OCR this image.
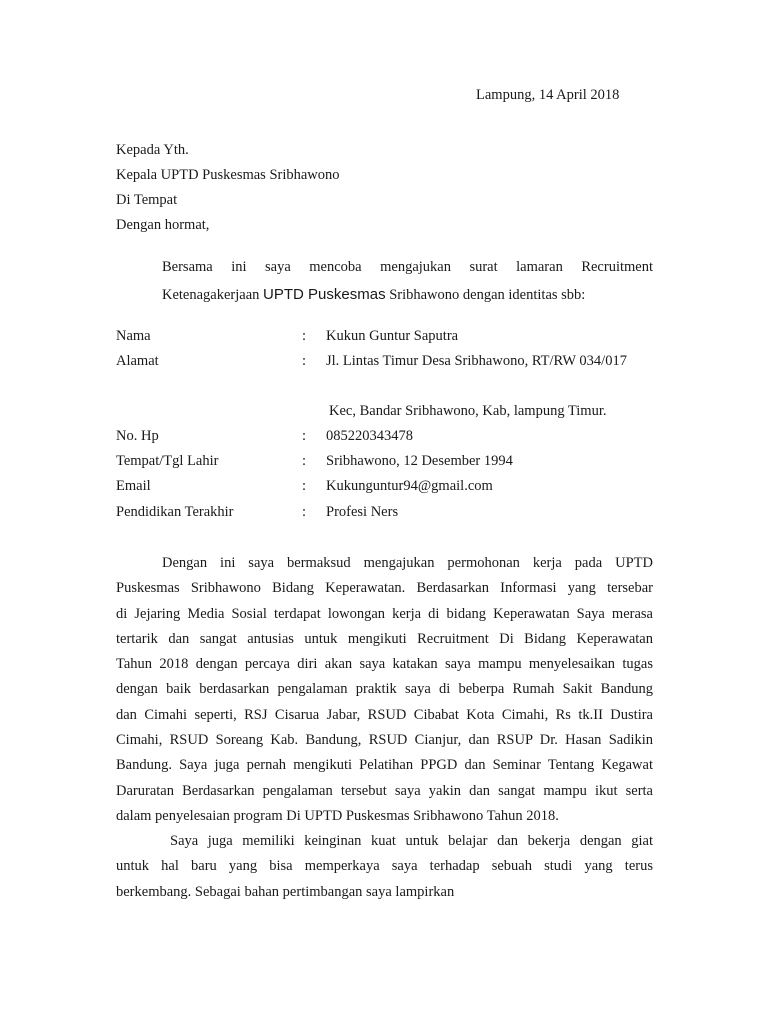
Lampung, 14 April 2018
Kepada Yth.
Kepala UPTD Puskesmas Sribhawono
Di Tempat
Dengan hormat,
Bersama ini saya mencoba mengajukan surat lamaran Recruitment
Ketenagakerjaan UPTD Puskesmas Sribhawono dengan identitas sbb:
Nama	: Kukun Guntur Saputra
Alamat	: Jl. Lintas Timur Desa Sribhawono, RT/RW 034/017
Kec, Bandar Sribhawono, Kab, lampung Timur.
No. Hp	: 085220343478
Tempat/Tgl Lahir	: Sribhawono, 12 Desember 1994
Email	: Kukunguntur94@gmail.com
Pendidikan Terakhir	: Profesi Ners
Dengan ini saya bermaksud mengajukan permohonan kerja pada UPTD
Puskesmas Sribhawono Bidang Keperawatan. Berdasarkan Informasi yang tersebar
di Jejaring Media Sosial terdapat lowongan kerja di bidang Keperawatan Saya merasa
tertarik dan sangat antusias untuk mengikuti Recruitment Di Bidang Keperawatan
Tahun 2018 dengan percaya diri akan saya katakan saya mampu menyelesaikan tugas
dengan baik berdasarkan pengalaman praktik saya di beberpa Rumah Sakit Bandung
dan Cimahi seperti, RSJ Cisarua Jabar, RSUD Cibabat Kota Cimahi, Rs tk.II Dustira
Cimahi, RSUD Soreang Kab. Bandung, RSUD Cianjur, dan RSUP Dr. Hasan Sadikin
Bandung. Saya juga pernah mengikuti Pelatihan PPGD dan Seminar Tentang Kegawat
Daruratan Berdasarkan pengalaman tersebut saya yakin dan sangat mampu ikut serta
dalam penyelesaian program Di UPTD Puskesmas Sribhawono Tahun 2018.
Saya juga memiliki keinginan kuat untuk belajar dan bekerja dengan giat
untuk hal baru yang bisa memperkaya saya terhadap sebuah studi yang terus
berkembang. Sebagai bahan pertimbangan saya lampirkan
